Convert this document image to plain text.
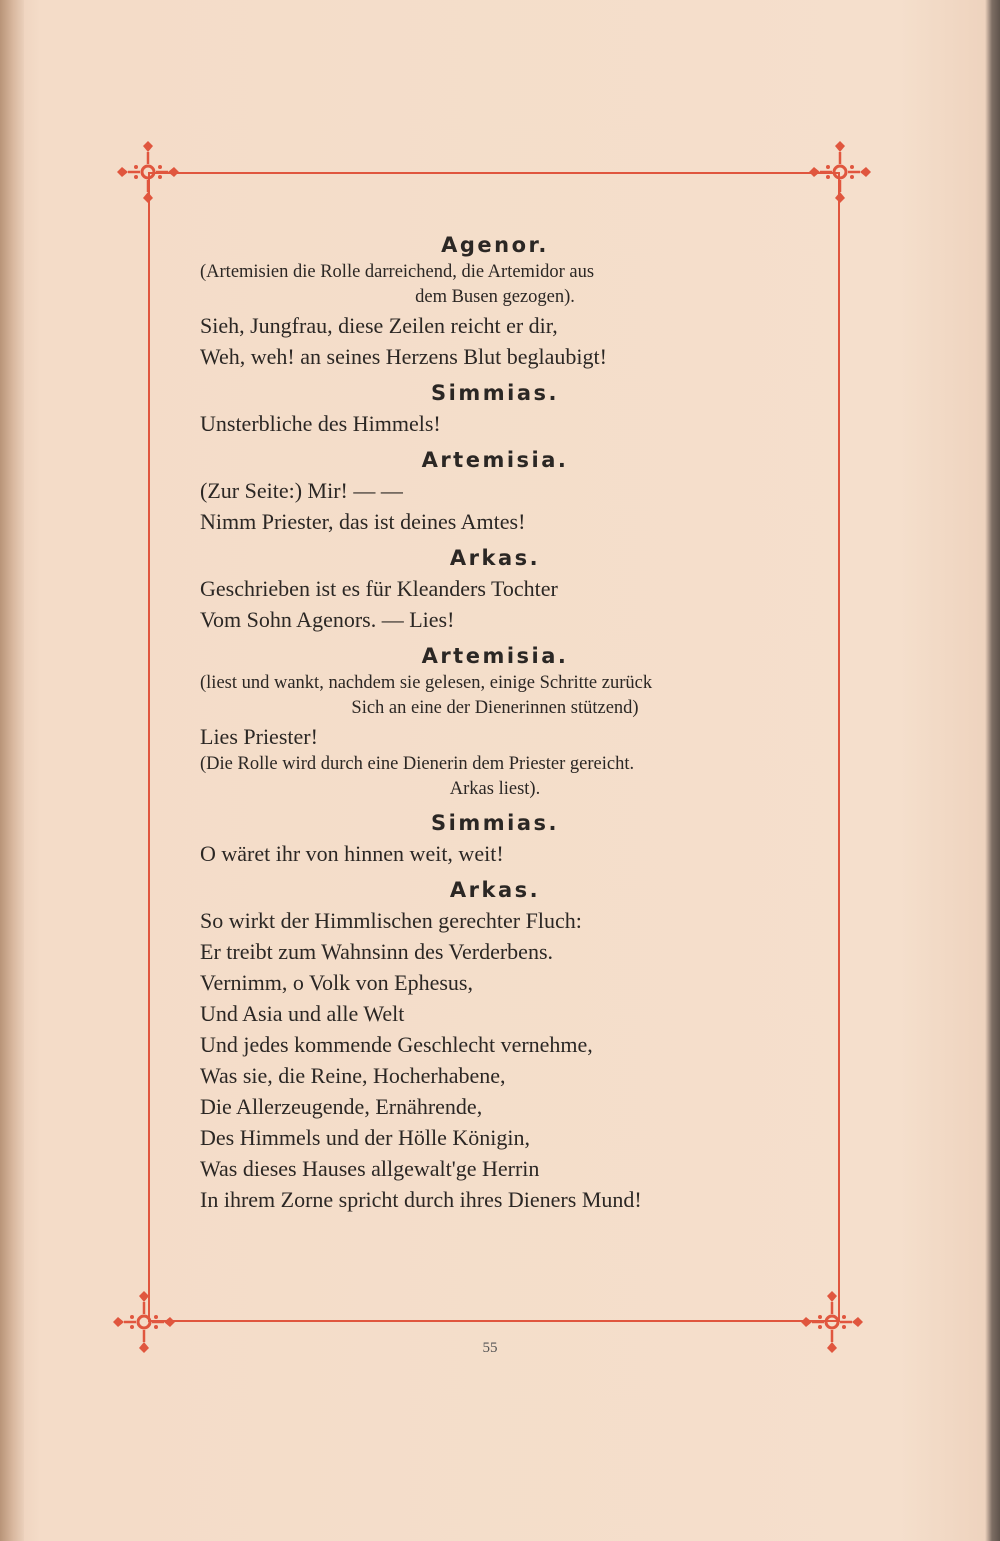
Agenor.

(Artemisien die Rolle darreichend, die Artemidor aus

dem Busen gezogen).

Sieh, Jungfrau, diese Zeilen reicht er dir,

Weh, weh! an seines Herzens Blut beglaubigt!

Simmias.

Unsterbliche des Himmels!

Artemisia.

(Zur Seite:) Mir! — —

Nimm Priester, das ist deines Amtes!

Arkas.

Geschrieben ist es für Kleanders Tochter

Vom Sohn Agenors. — Lies!

Artemisia.

(liest und wankt, nachdem sie gelesen, einige Schritte zurück

Sich an eine der Dienerinnen stützend)

Lies Priester!

(Die Rolle wird durch eine Dienerin dem Priester gereicht.

Arkas liest).

Simmias.

O wäret ihr von hinnen weit, weit!

Arkas.

So wirkt der Himmlischen gerechter Fluch:

Er treibt zum Wahnsinn des Verderbens.

Vernimm, o Volk von Ephesus,

Und Asia und alle Welt

Und jedes kommende Geschlecht vernehme,

Was sie, die Reine, Hocherhabene,

Die Allerzeugende, Ernährende,

Des Himmels und der Hölle Königin,

Was dieses Hauses allgewalt'ge Herrin

In ihrem Zorne spricht durch ihres Dieners Mund!

55
